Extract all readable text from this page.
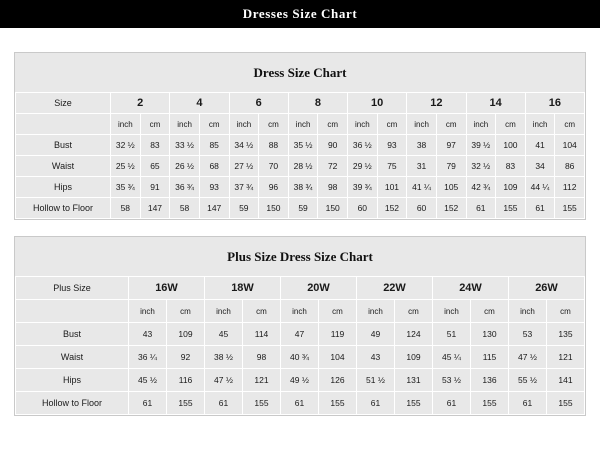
Dresses Size Chart
Dress Size Chart
Size	2		4		6		8		10		12		14		16	
	inch	cm	inch	cm	inch	cm	inch	cm	inch	cm	inch	cm	inch	cm	inch	cm
Bust	32 ½	83	33 ½	85	34 ½	88	35 ½	90	36 ½	93	38	97	39 ½	100	41	104
Waist	25 ½	65	26 ½	68	27 ½	70	28 ½	72	29 ½	75	31	79	32 ½	83	34	86
Hips	35 ¾	91	36 ¾	93	37 ¾	96	38 ¾	98	39 ¾	101	41 ¼	105	42 ¾	109	44 ¼	112
Hollow to Floor	58	147	58	147	59	150	59	150	60	152	60	152	61	155	61	155
Plus Size Dress Size Chart
Plus Size	16W		18W		20W		22W		24W		26W	
	inch	cm	inch	cm	inch	cm	inch	cm	inch	cm	inch	cm
Bust	43	109	45	114	47	119	49	124	51	130	53	135
Waist	36 ¼	92	38 ½	98	40 ¾	104	43	109	45 ¼	115	47 ½	121
Hips	45 ½	116	47 ½	121	49 ½	126	51 ½	131	53 ½	136	55 ½	141
Hollow to Floor	61	155	61	155	61	155	61	155	61	155	61	155
